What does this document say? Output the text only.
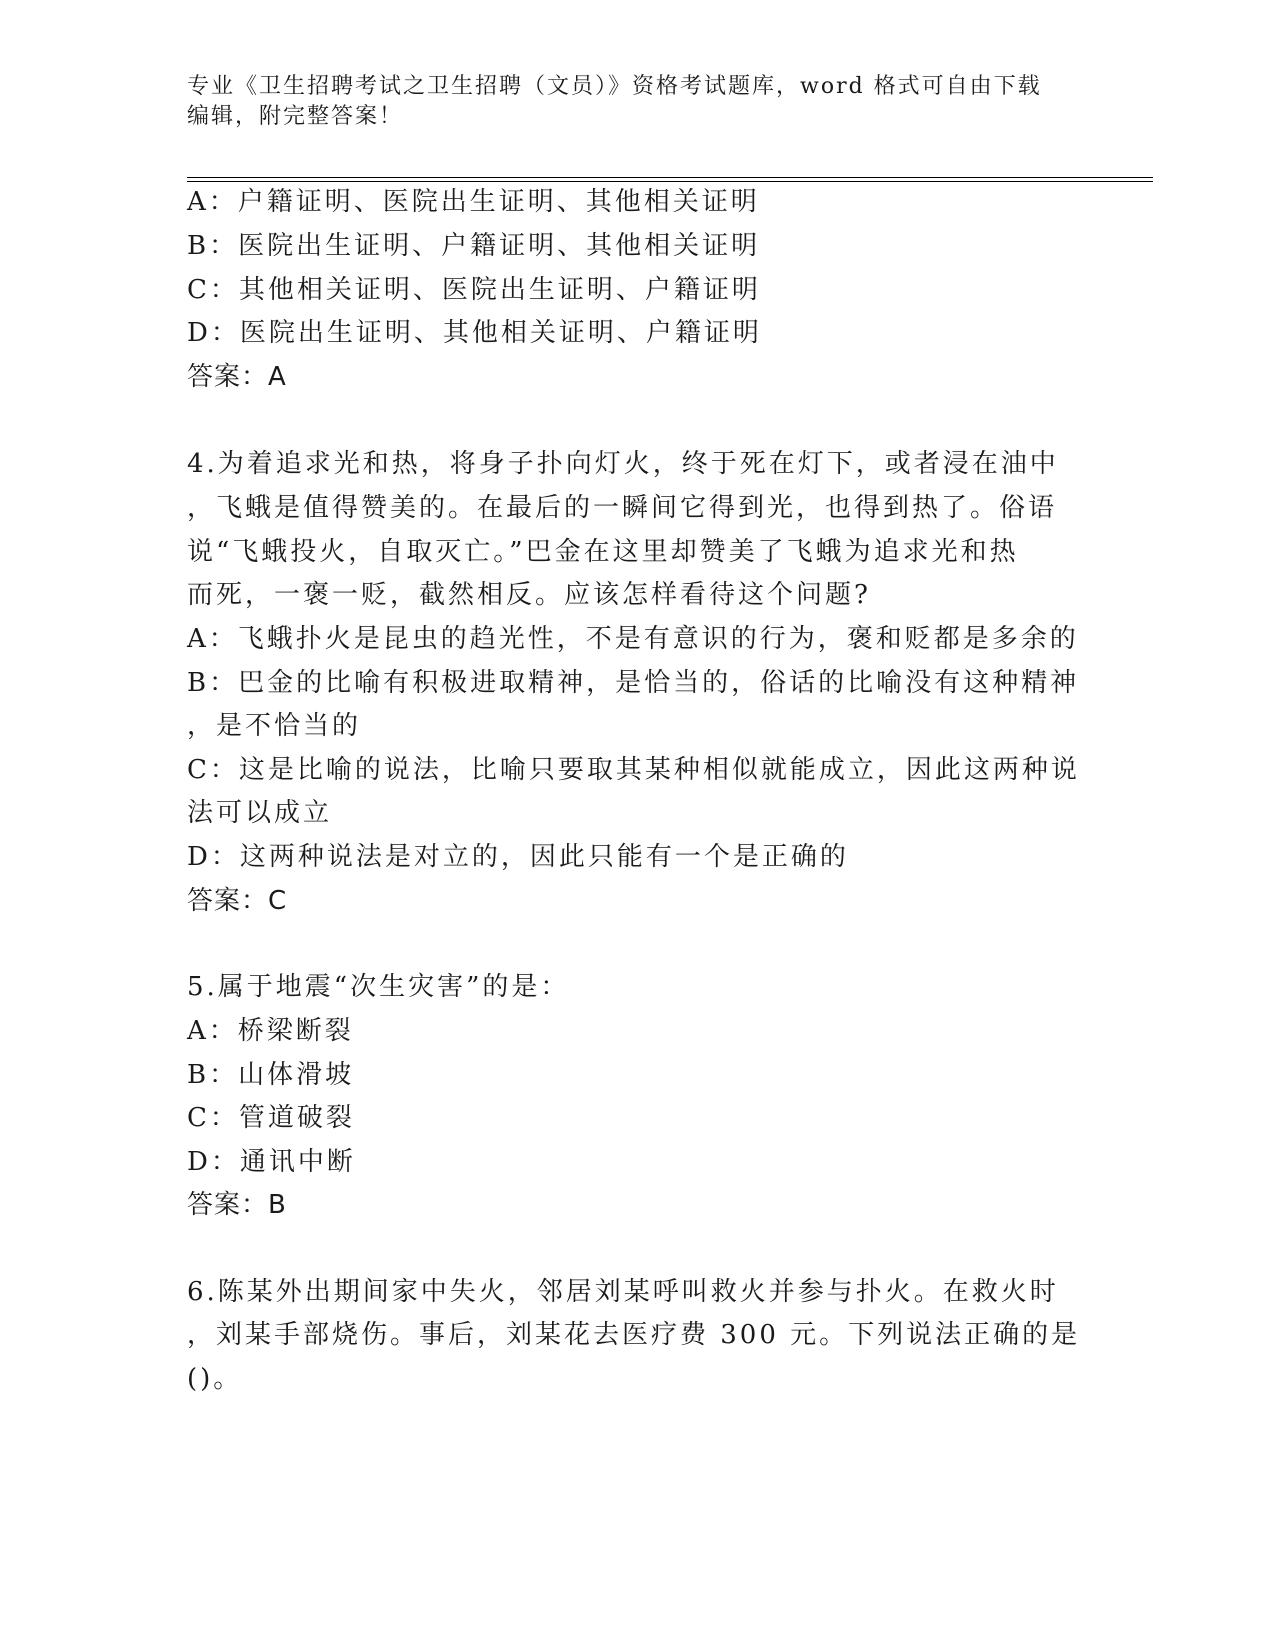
专业《卫生招聘考试之卫生招聘（文员）》资格考试题库，word 格式可自由下载
编辑，附完整答案！
A：户籍证明、医院出生证明、其他相关证明
B：医院出生证明、户籍证明、其他相关证明
C：其他相关证明、医院出生证明、户籍证明
D：医院出生证明、其他相关证明、户籍证明
答案：A
4.为着追求光和热，将身子扑向灯火，终于死在灯下，或者浸在油中
，飞蛾是值得赞美的。在最后的一瞬间它得到光，也得到热了。俗语
说“飞蛾投火，自取灭亡。”巴金在这里却赞美了飞蛾为追求光和热
而死，一褒一贬，截然相反。应该怎样看待这个问题?
A：飞蛾扑火是昆虫的趋光性，不是有意识的行为，褒和贬都是多余的
B：巴金的比喻有积极进取精神，是恰当的，俗话的比喻没有这种精神
，是不恰当的
C：这是比喻的说法，比喻只要取其某种相似就能成立，因此这两种说
法可以成立
D：这两种说法是对立的，因此只能有一个是正确的
答案：C
5.属于地震“次生灾害”的是：
A：桥梁断裂
B：山体滑坡
C：管道破裂
D：通讯中断
答案：B
6.陈某外出期间家中失火，邻居刘某呼叫救火并参与扑火。在救火时
，刘某手部烧伤。事后，刘某花去医疗费 300 元。下列说法正确的是
()。
